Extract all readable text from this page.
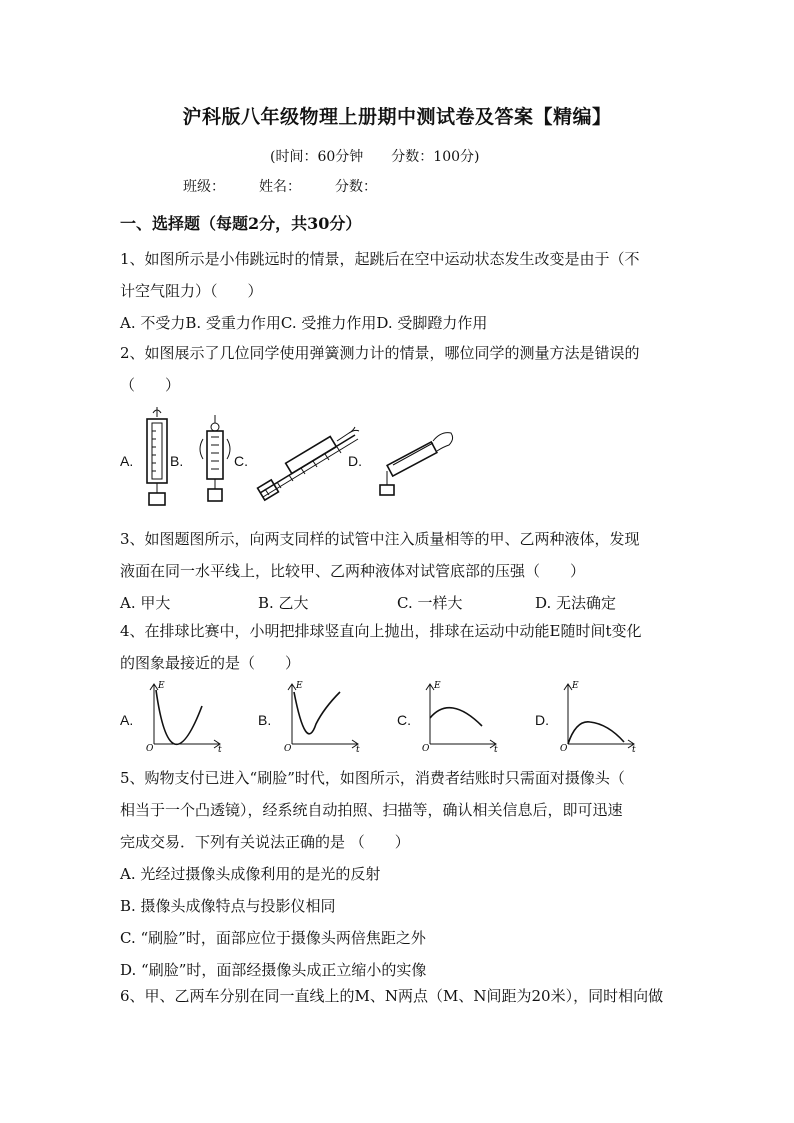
沪科版八年级物理上册期中测试卷及答案【精编】
(时间：60分钟 分数：100分)
班级： 姓名： 分数：
一、选择题（每题2分，共30分）
1、如图所示是小伟跳远时的情景，起跳后在空中运动状态发生改变是由于（不
计空气阻力）（　　）
A. 不受力B. 受重力作用C. 受推力作用D. 受脚蹬力作用
2、如图展示了几位同学使用弹簧测力计的情景，哪位同学的测量方法是错误的
（　　）
A.	B.	C.	D.
3、如图题图所示，向两支同样的试管中注入质量相等的甲、乙两种液体，发现
液面在同一水平线上，比较甲、乙两种液体对试管底部的压强（　　）
A. 甲大	B. 乙大	C. 一样大	D. 无法确定
4、在排球比赛中，小明把排球竖直向上抛出，排球在运动中动能E随时间t变化
的图象最接近的是（　　）
A.	B.	C.	D.
E
O	t
E
O	t
E
O	t
E
O	t
5、购物支付已进入“刷脸”时代，如图所示，消费者结账时只需面对摄像头（
相当于一个凸透镜），经系统自动拍照、扫描等，确认相关信息后，即可迅速
完成交易．下列有关说法正确的是 （　　）
A. 光经过摄像头成像利用的是光的反射
B. 摄像头成像特点与投影仪相同
C. “刷脸”时，面部应位于摄像头两倍焦距之外
D. “刷脸”时，面部经摄像头成正立缩小的实像
6、甲、乙两车分别在同一直线上的M、N两点（M、N间距为20米），同时相向做
